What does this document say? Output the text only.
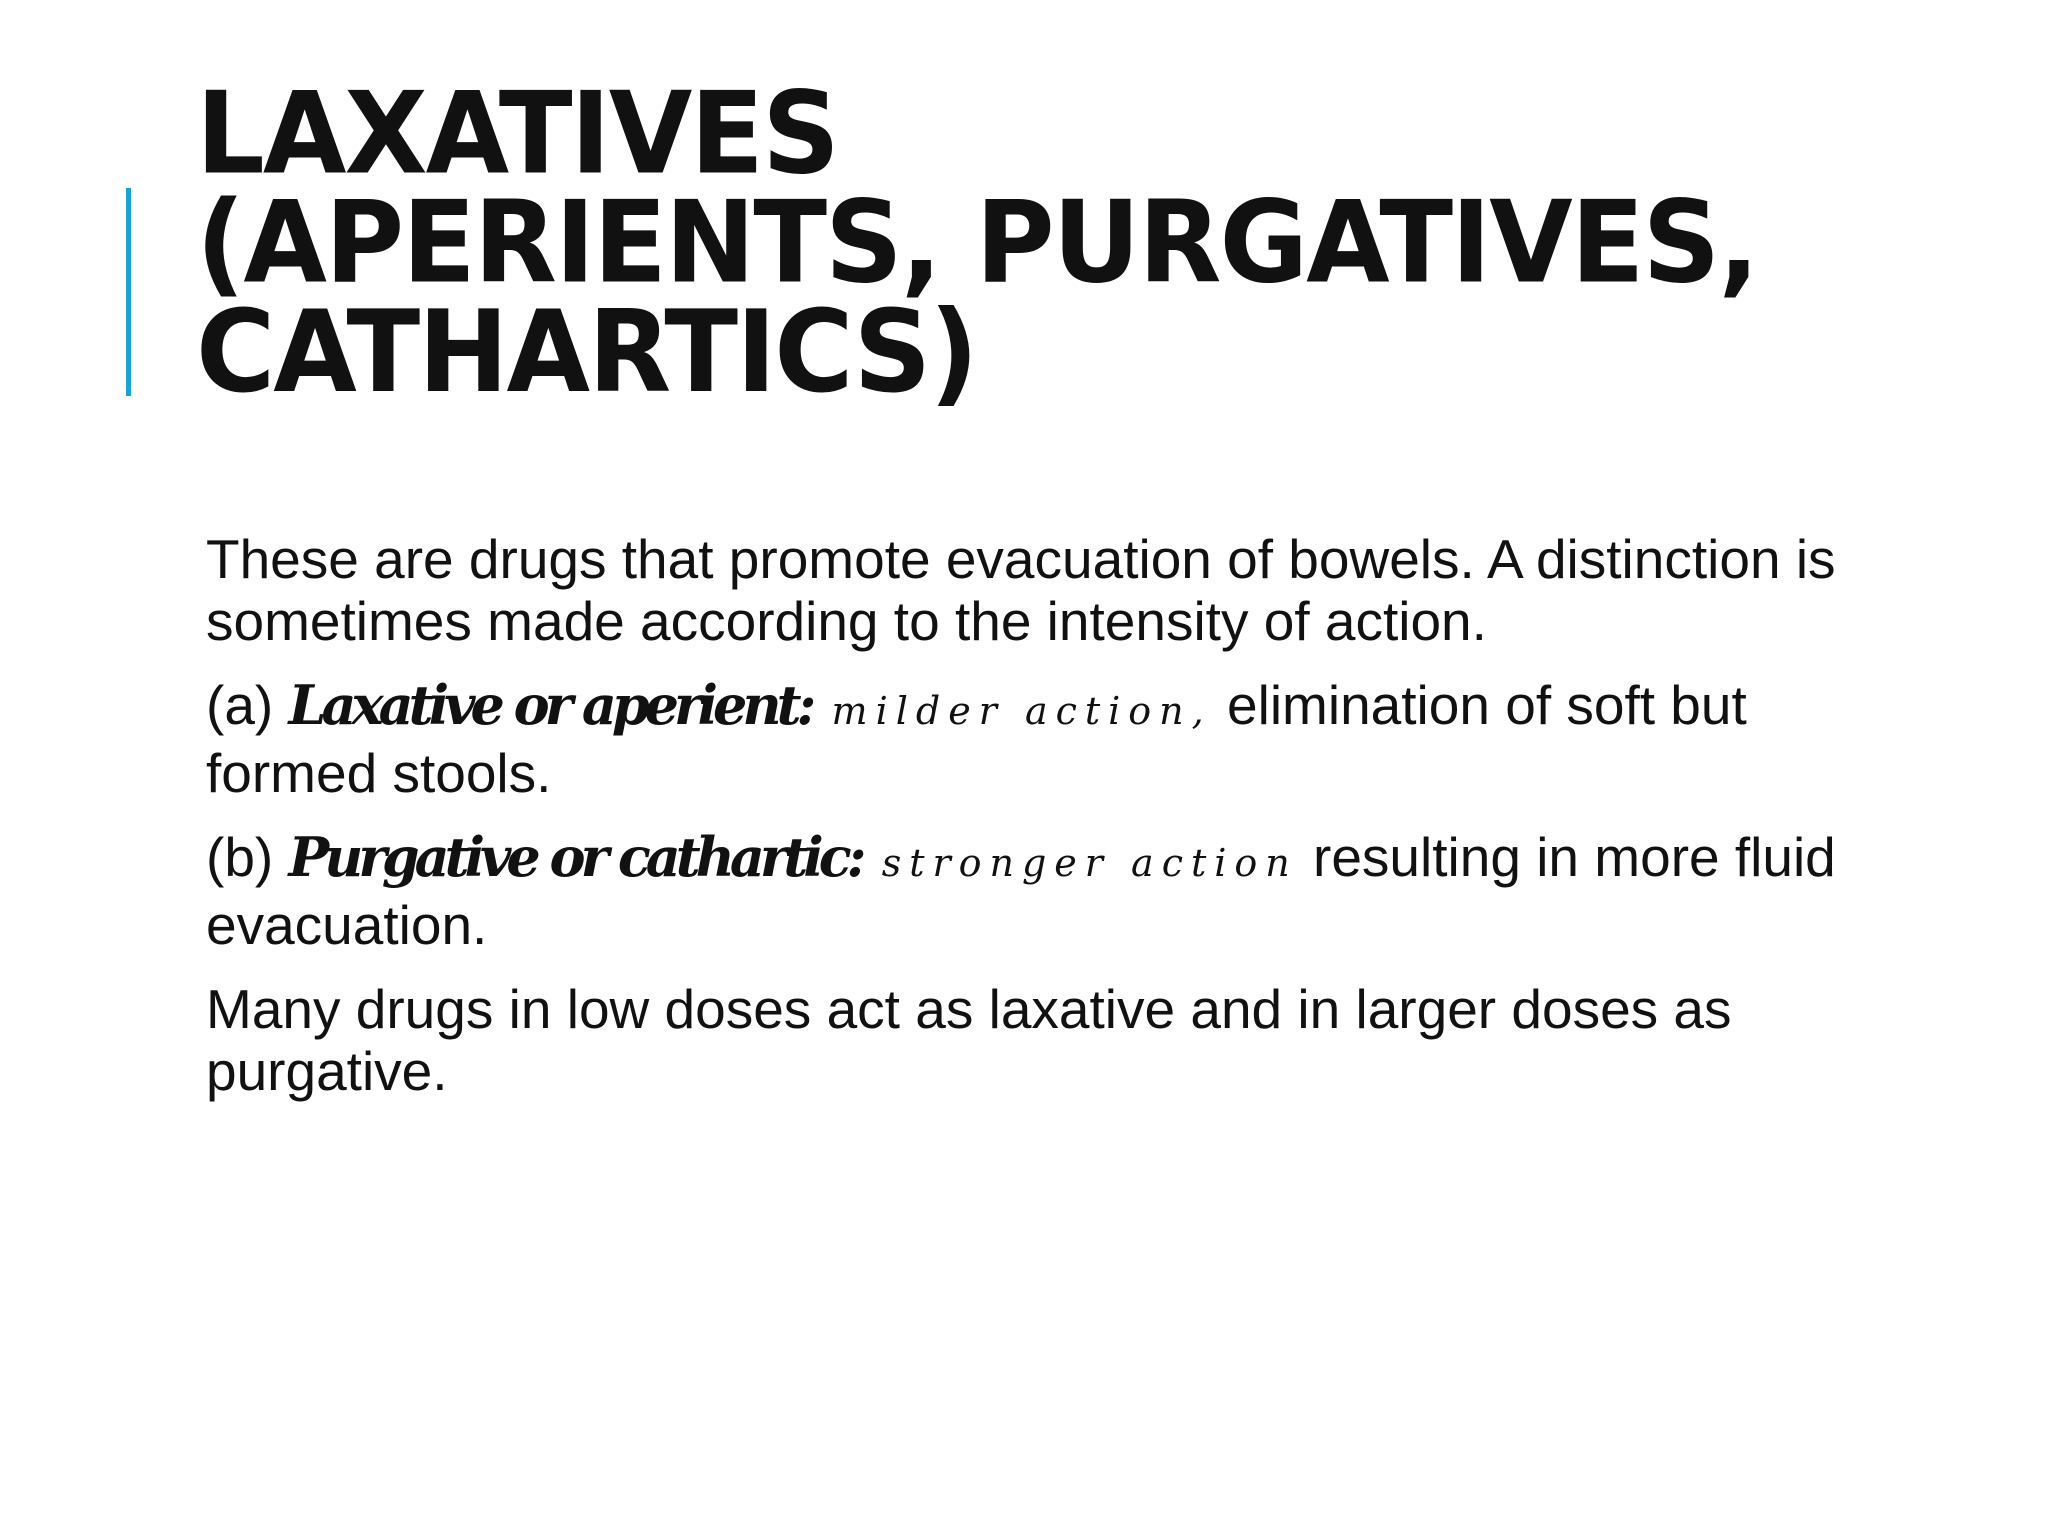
LAXATIVES
(APERIENTS, PURGATIVES,
CATHARTICS)

These are drugs that promote evacuation of bowels. A distinction is sometimes made according to the intensity of action.

(a) Laxative or aperient: milder action, elimination of soft but formed stools.

(b) Purgative or cathartic: stronger action resulting in more fluid evacuation.

Many drugs in low doses act as laxative and in larger doses as purgative.
